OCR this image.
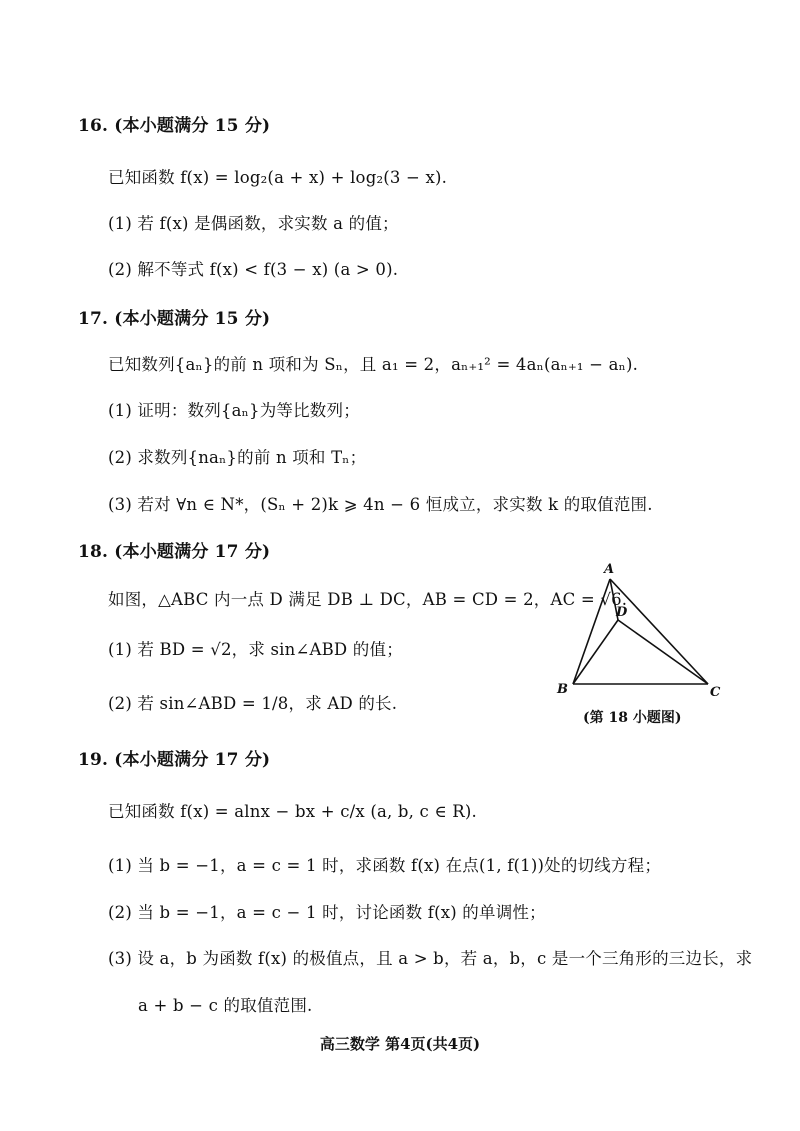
16. (本小题满分 15 分)
已知函数 f(x) = log₂(a + x) + log₂(3 − x).
(1) 若 f(x) 是偶函数，求实数 a 的值；
(2) 解不等式 f(x) < f(3 − x) (a > 0).
17. (本小题满分 15 分)
已知数列{aₙ}的前 n 项和为 Sₙ，且 a₁ = 2，aₙ₊₁² = 4aₙ(aₙ₊₁ − aₙ).
(1) 证明：数列{aₙ}为等比数列；
(2) 求数列{naₙ}的前 n 项和 Tₙ；
(3) 若对 ∀n ∈ N*，(Sₙ + 2)k ⩾ 4n − 6 恒成立，求实数 k 的取值范围.
18. (本小题满分 17 分)
如图，△ABC 内一点 D 满足 DB ⊥ DC，AB = CD = 2，AC = √6.
(1) 若 BD = √2，求 sin∠ABD 的值；
(2) 若 sin∠ABD = 1/8，求 AD 的长.
A
D
B	C
(第 18 小题图)
19. (本小题满分 17 分)
已知函数 f(x) = alnx − bx + c/x (a, b, c ∈ R).
(1) 当 b = −1，a = c = 1 时，求函数 f(x) 在点(1, f(1))处的切线方程；
(2) 当 b = −1，a = c − 1 时，讨论函数 f(x) 的单调性；
(3) 设 a，b 为函数 f(x) 的极值点，且 a > b，若 a，b，c 是一个三角形的三边长，求
a + b − c 的取值范围.
高三数学 第4页(共4页)
